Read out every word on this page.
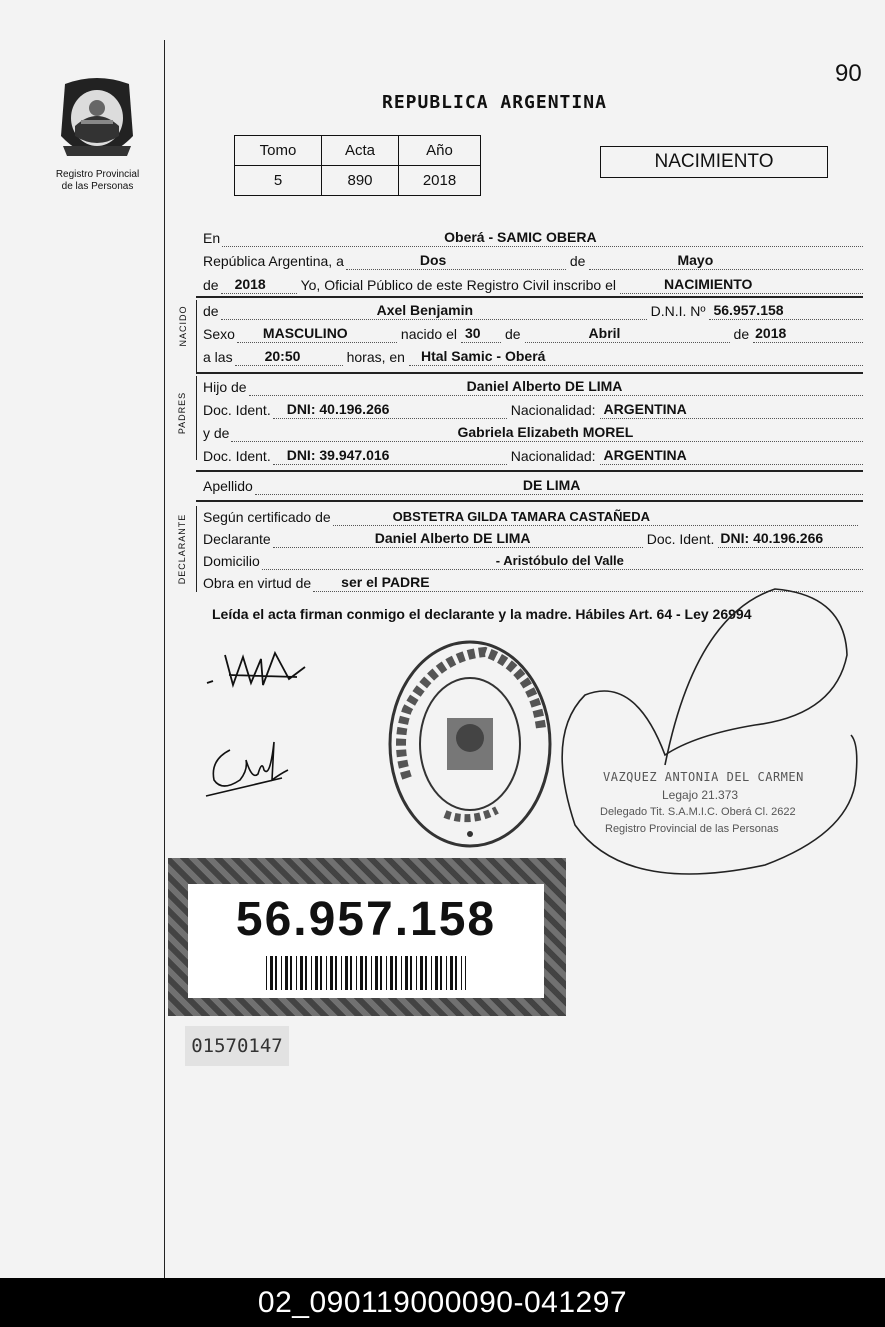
90
REPUBLICA ARGENTINA
Registro Provincial
de las Personas
Tomo	Acta	Año
5	890	2018
NACIMIENTO
En	Oberá - SAMIC OBERA
República Argentina, a	Dos	de	Mayo
de 2018 Yo, Oficial Público de este Registro Civil inscribo el	NACIMIENTO
NACIDO de	Axel Benjamin	D.N.I. Nº 56.957.158
Sexo MASCULINO	nacido el 30 de	Abril	de 2018
a las 20:50	horas, en Htal Samic - Oberá
PADRES
Hijo de	Daniel Alberto DE LIMA
Doc. Ident. DNI: 40.196.266	Nacionalidad: ARGENTINA
y de	Gabriela Elizabeth MOREL
Doc. Ident. DNI: 39.947.016	Nacionalidad: ARGENTINA
Apellido	DE LIMA
DECLARANTE Según certificado de	OBSTETRA GILDA TAMARA CASTAÑEDA
Declarante	Daniel Alberto DE LIMA	Doc. Ident. DNI: 40.196.266
Domicilio	- Aristóbulo del Valle
Obra en virtud de ser el PADRE
Leída el acta firman conmigo el declarante y la madre. Hábiles Art. 64 - Ley 26994
VAZQUEZ ANTONIA DEL CARMEN
Legajo 21.373
Delegado Tit. S.A.M.I.C. Oberá Cl. 2622
Registro Provincial de las Personas
56.957.158
01570147
02_090119000090-041297
